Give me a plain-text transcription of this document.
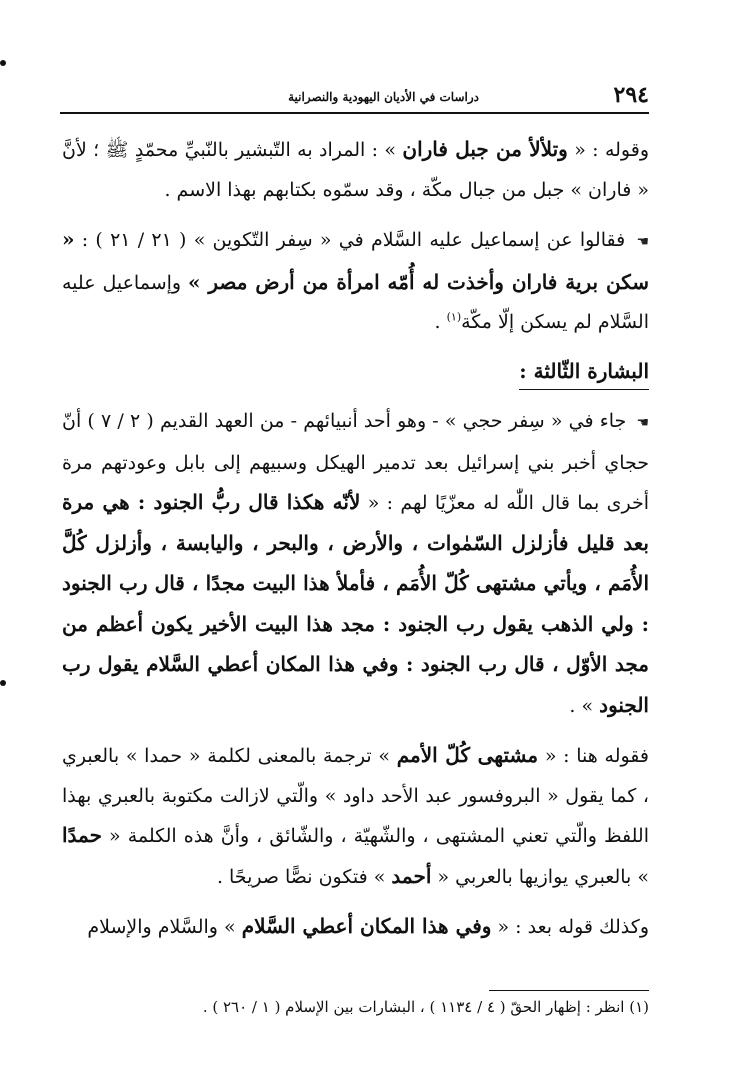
٢٩٤
دراسات في الأديان اليهودية والنصرانية

وقوله : « وتلألأ من جبل فاران » : المراد به التّبشير بالنّبيِّ محمّدٍ ﷺ ؛ لأنَّ « فاران » جبل من جبال مكّة ، وقد سمّوه بكتابهم بهذا الاسم .

☚ فقالوا عن إسماعيل عليه السَّلام في « سِفر التّكوين » ( ٢١ / ٢١ ) : « سكن برية فاران وأخذت له أُمّه امرأة من أرض مصر » وإسماعيل عليه السَّلام لم يسكن إلّا مكّة$^{(١)}$ .

البشارة الثّالثة :

☚ جاء في « سِفر حجي » - وهو أحد أنبيائهم - من العهد القديم ( ٢ / ٧ ) أنّ حجاي أخبر بني إسرائيل بعد تدمير الهيكل وسبيهم إلى بابل وعودتهم مرة أخرى بما قال اللّٰه له معزّيًا لهم : « لأنّه هكذا قال ربُّ الجنود : هي مرة بعد قليل فأزلزل السّمٰوات ، والأرض ، والبحر ، واليابسة ، وأزلزل كُلَّ الأُمَم ، ويأتي مشتهى كُلّ الأُمَم ، فأملأ هذا البيت مجدًا ، قال رب الجنود : ولي الذهب يقول رب الجنود : مجد هذا البيت الأخير يكون أعظم من مجد الأوّل ، قال رب الجنود : وفي هذا المكان أعطي السَّلام يقول رب الجنود » .

فقوله هنا : « مشتهى كُلّ الأمم » ترجمة بالمعنى لكلمة « حمدا » بالعبري ، كما يقول « البروفسور عبد الأحد داود » والّتي لازالت مكتوبة بالعبري بهذا اللفظ والّتي تعني المشتهى ، والشّهيّة ، والشّائق ، وأنَّ هذه الكلمة « حمدًا » بالعبري يوازيها بالعربي « أحمد » فتكون نصًّا صريحًا .

وكذلك قوله بعد : « وفي هذا المكان أعطي السَّلام » والسَّلام والإسلام

(١) انظر : إظهار الحقّ ( ٤ / ١١٣٤ ) ، البشارات بين الإسلام ( ١ / ٢٦٠ ) .
